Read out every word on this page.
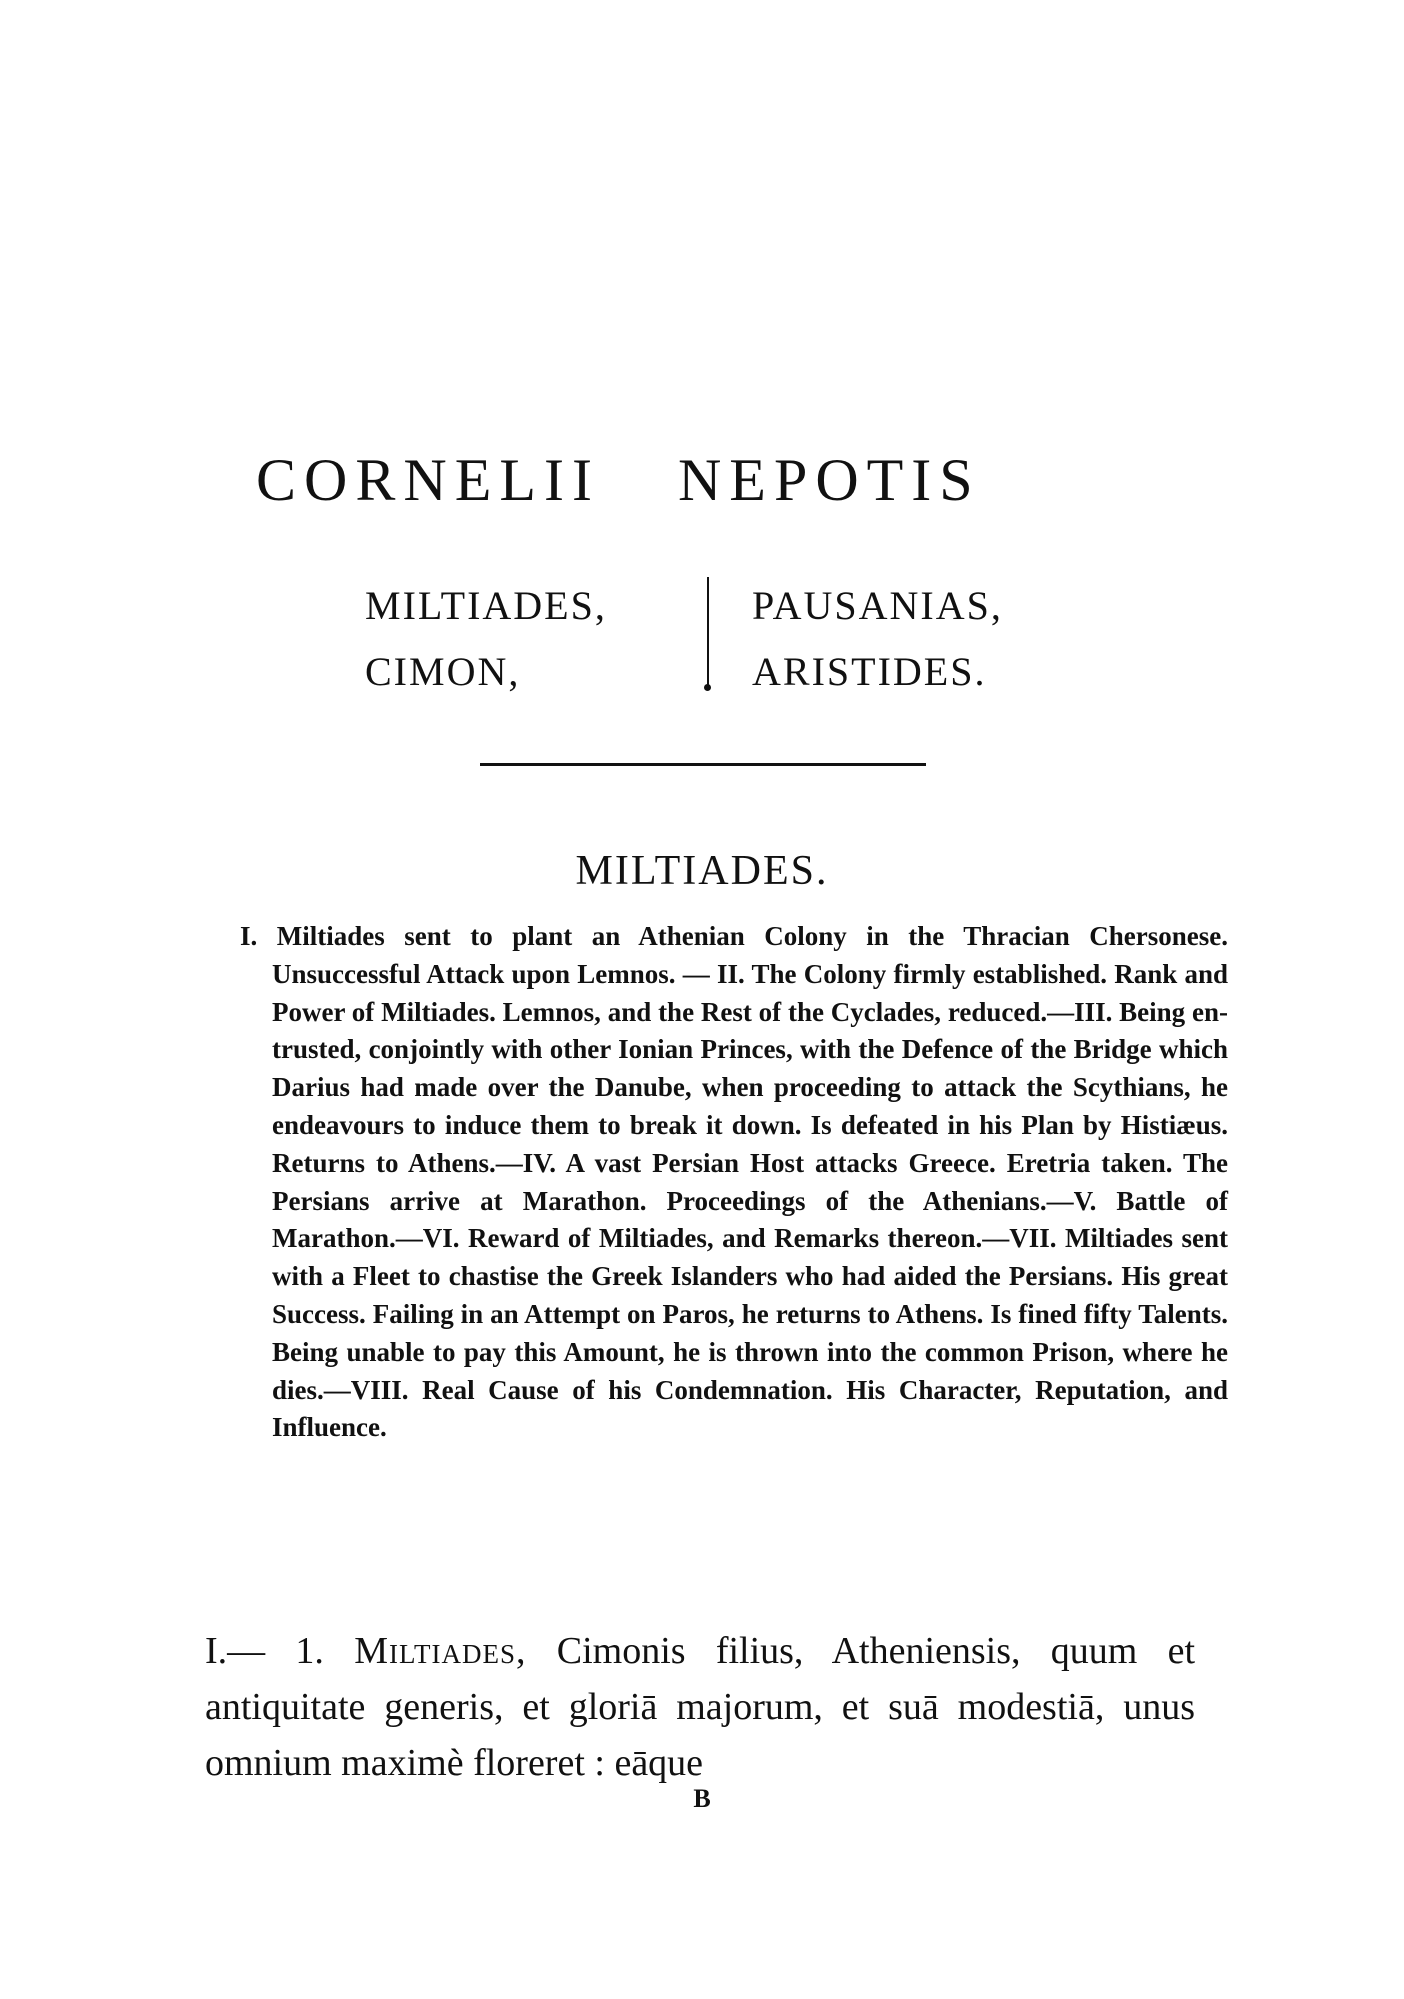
CORNELII NEPOTIS
MILTIADES,
CIMON,
PAUSANIAS,
ARISTIDES.
MILTIADES.

I. Miltiades sent to plant an Athenian Colony in the Thracian Chersonese. Unsuccessful Attack upon Lemnos. — II. The Colony firmly established. Rank and Power of Miltiades. Lemnos, and the Rest of the Cyclades, reduced.—III. Being entrusted, conjointly with other Ionian Princes, with the Defence of the Bridge which Darius had made over the Danube, when proceeding to attack the Scythians, he endeavours to induce them to break it down. Is defeated in his Plan by Histiæus. Returns to Athens.—IV. A vast Persian Host attacks Greece. Eretria taken. The Persians arrive at Marathon. Proceedings of the Athenians.—V. Battle of Marathon.—VI. Reward of Miltiades, and Remarks thereon.—VII. Miltiades sent with a Fleet to chastise the Greek Islanders who had aided the Persians. His great Success. Failing in an Attempt on Paros, he returns to Athens. Is fined fifty Talents. Being unable to pay this Amount, he is thrown into the common Prison, where he dies.—VIII. Real Cause of his Condemnation. His Character, Reputation, and Influence.

I.— 1. Miltiades, Cimonis filius, Atheniensis, quum et antiquitate generis, et gloriā majorum, et suā modestiā, unus omnium maximè floreret : eāque

B
